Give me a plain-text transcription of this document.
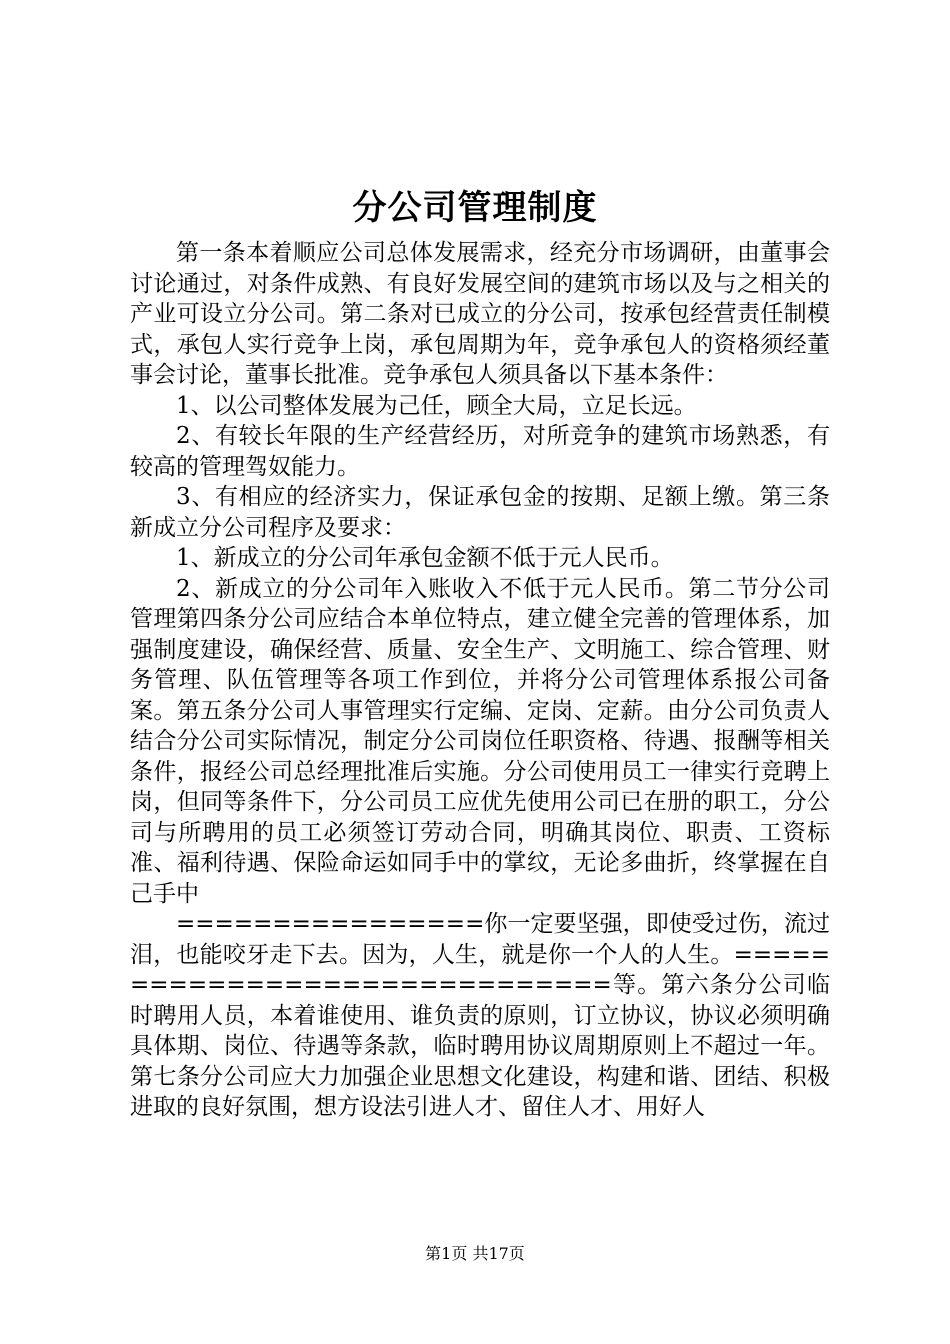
分公司管理制度

第一条本着顺应公司总体发展需求，经充分市场调研，由董事会讨论通过，对条件成熟、有良好发展空间的建筑市场以及与之相关的产业可设立分公司。第二条对已成立的分公司，按承包经营责任制模式，承包人实行竞争上岗，承包周期为年，竞争承包人的资格须经董事会讨论，董事长批准。竞争承包人须具备以下基本条件：

1、以公司整体发展为己任，顾全大局，立足长远。

2、有较长年限的生产经营经历，对所竞争的建筑市场熟悉，有较高的管理驾奴能力。

3、有相应的经济实力，保证承包金的按期、足额上缴。第三条新成立分公司程序及要求：

1、新成立的分公司年承包金额不低于元人民币。

2、新成立的分公司年入账收入不低于元人民币。第二节分公司管理第四条分公司应结合本单位特点，建立健全完善的管理体系，加强制度建设，确保经营、质量、安全生产、文明施工、综合管理、财务管理、队伍管理等各项工作到位，并将分公司管理体系报公司备案。第五条分公司人事管理实行定编、定岗、定薪。由分公司负责人结合分公司实际情况，制定分公司岗位任职资格、待遇、报酬等相关条件，报经公司总经理批准后实施。分公司使用员工一律实行竞聘上岗，但同等条件下，分公司员工应优先使用公司已在册的职工，分公司与所聘用的员工必须签订劳动合同，明确其岗位、职责、工资标准、福利待遇、保险命运如同手中的掌纹，无论多曲折，终掌握在自己手中

================你一定要坚强，即使受过伤，流过泪，也能咬牙走下去。因为，人生，就是你一个人的人生。==============================等。第六条分公司临时聘用人员，本着谁使用、谁负责的原则，订立协议，协议必须明确具体期、岗位、待遇等条款，临时聘用协议周期原则上不超过一年。第七条分公司应大力加强企业思想文化建设，构建和谐、团结、积极进取的良好氛围，想方设法引进人才、留住人才、用好人

第1页 共17页
